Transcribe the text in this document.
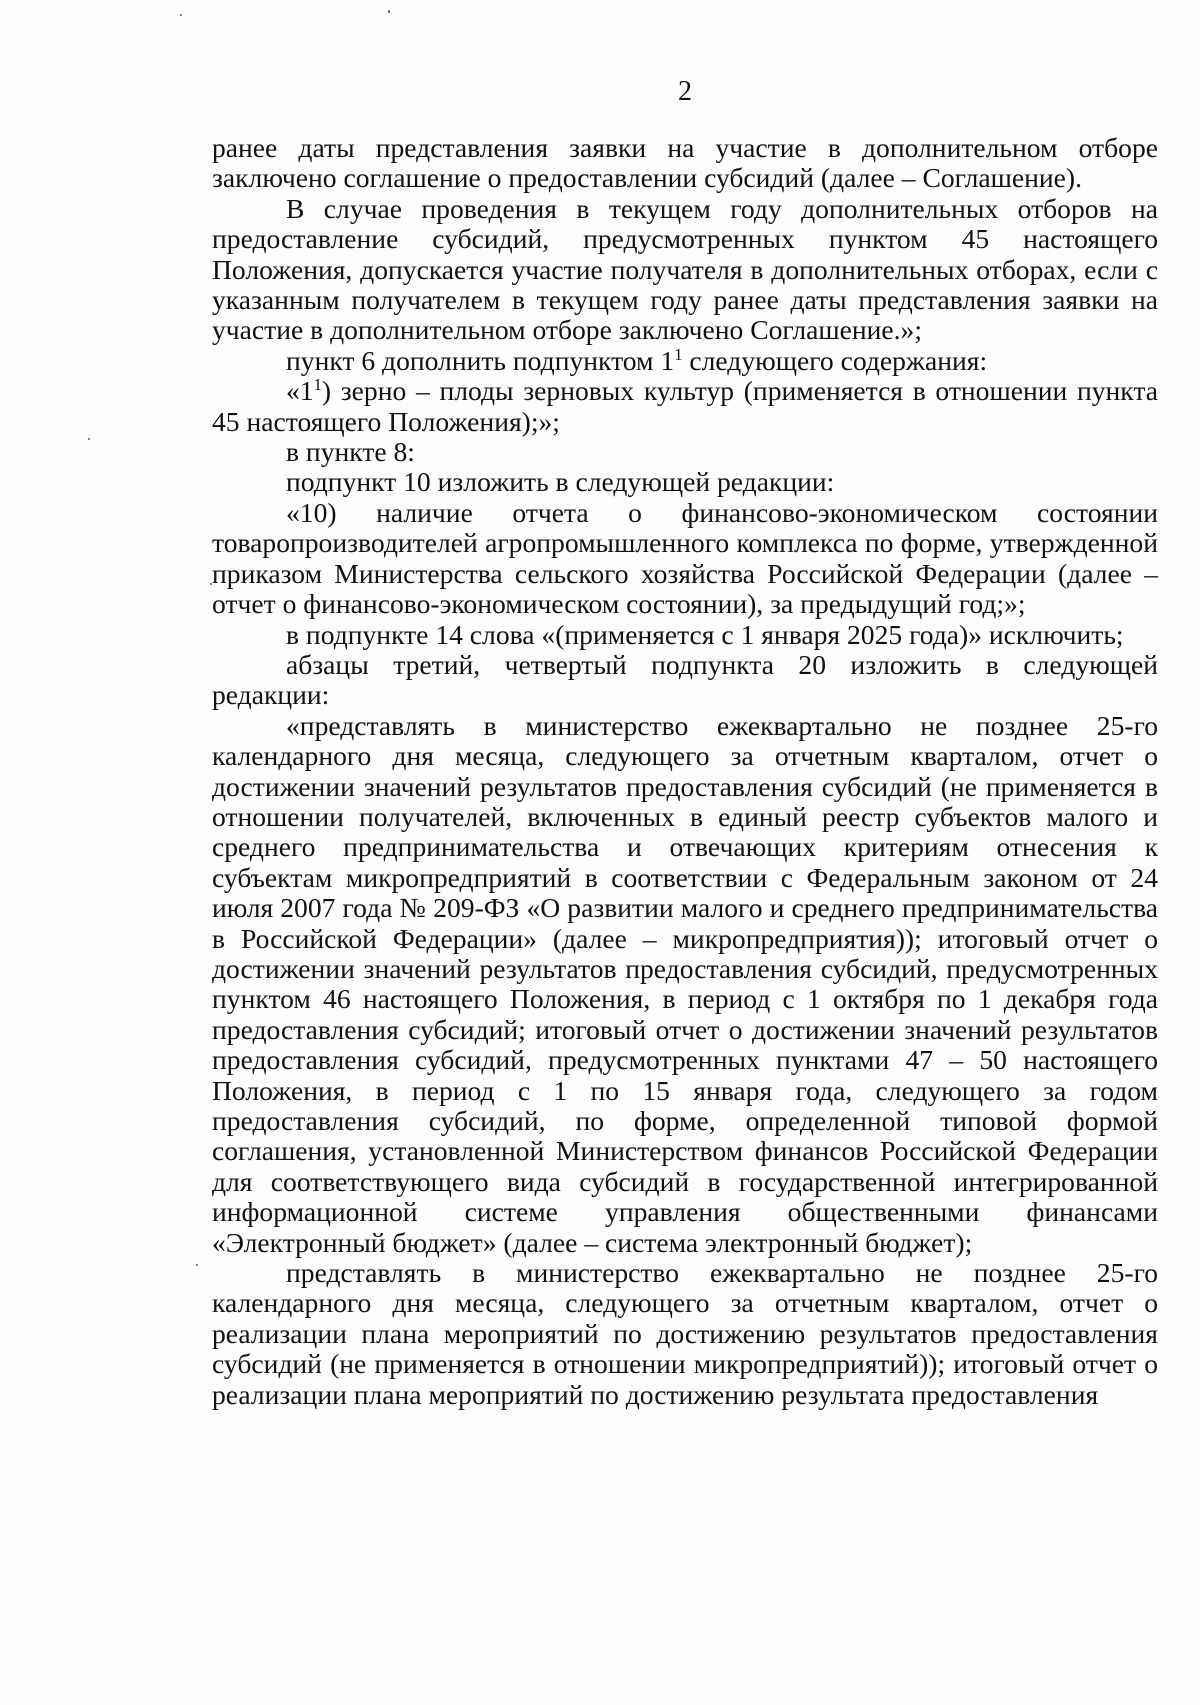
2

ранее даты представления заявки на участие в дополнительном отборе заключено соглашение о предоставлении субсидий (далее – Соглашение).

В случае проведения в текущем году дополнительных отборов на предоставление субсидий, предусмотренных пунктом 45 настоящего Положения, допускается участие получателя в дополнительных отборах, если с указанным получателем в текущем году ранее даты представления заявки на участие в дополнительном отборе заключено Соглашение.»;

пункт 6 дополнить подпунктом $1^1$ следующего содержания:

«$1^1$) зерно – плоды зерновых культур (применяется в отношении пункта 45 настоящего Положения);»;

в пункте 8:

подпункт 10 изложить в следующей редакции:

«10) наличие отчета о финансово-экономическом состоянии товаропроизводителей агропромышленного комплекса по форме, утвержденной приказом Министерства сельского хозяйства Российской Федерации (далее – отчет о финансово-экономическом состоянии), за предыдущий год;»;

в подпункте 14 слова «(применяется с 1 января 2025 года)» исключить;

абзацы третий, четвертый подпункта 20 изложить в следующей редакции:

«представлять в министерство ежеквартально не позднее 25-го календарного дня месяца, следующего за отчетным кварталом, отчет о достижении значений результатов предоставления субсидий (не применяется в отношении получателей, включенных в единый реестр субъектов малого и среднего предпринимательства и отвечающих критериям отнесения к субъектам микропредприятий в соответствии с Федеральным законом от 24 июля 2007 года № 209-ФЗ «О развитии малого и среднего предпринимательства в Российской Федерации» (далее – микропредприятия)); итоговый отчет о достижении значений результатов предоставления субсидий, предусмотренных пунктом 46 настоящего Положения, в период с 1 октября по 1 декабря года предоставления субсидий; итоговый отчет о достижении значений результатов предоставления субсидий, предусмотренных пунктами 47 – 50 настоящего Положения, в период с 1 по 15 января года, следующего за годом предоставления субсидий, по форме, определенной типовой формой соглашения, установленной Министерством финансов Российской Федерации для соответствующего вида субсидий в государственной интегрированной информационной системе управления общественными финансами «Электронный бюджет» (далее – система электронный бюджет);

представлять в министерство ежеквартально не позднее 25-го календарного дня месяца, следующего за отчетным кварталом, отчет о реализации плана мероприятий по достижению результатов предоставления субсидий (не применяется в отношении микропредприятий)); итоговый отчет о реализации плана мероприятий по достижению результата предоставления
